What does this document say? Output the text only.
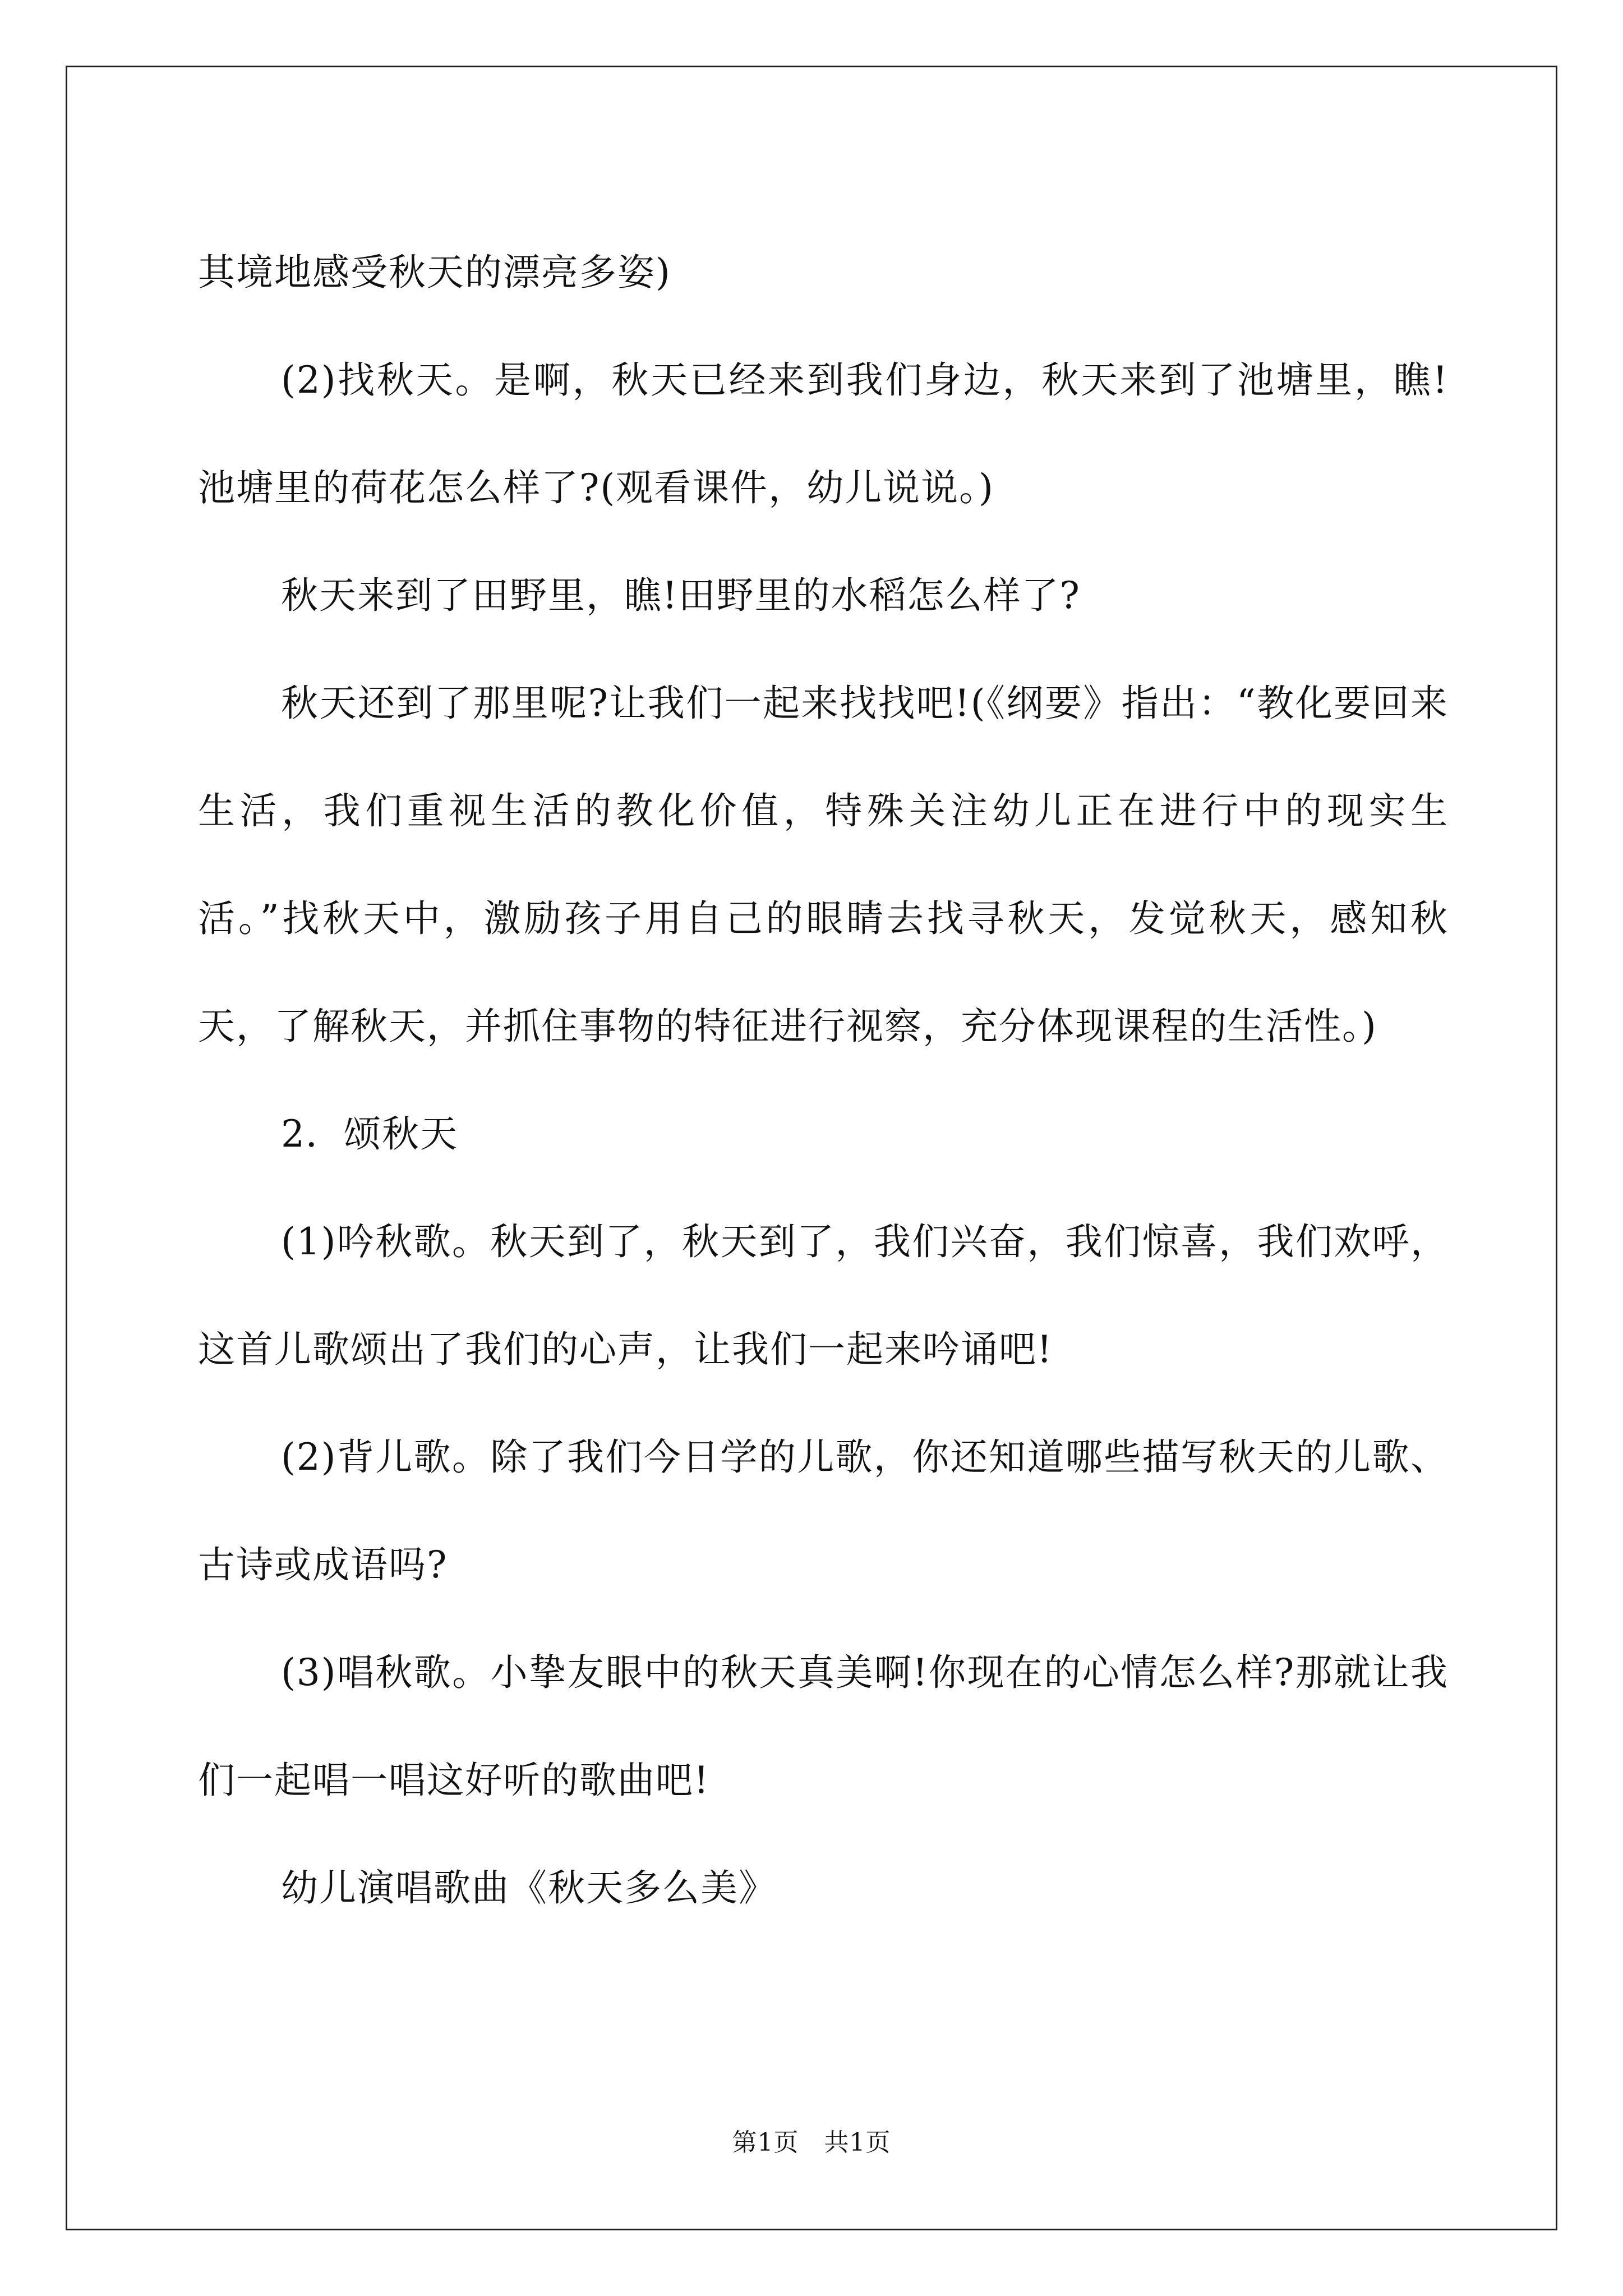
其境地感受秋天的漂亮多姿)

(2)找秋天。是啊，秋天已经来到我们身边，秋天来到了池塘里，瞧!池塘里的荷花怎么样了?(观看课件，幼儿说说。)

秋天来到了田野里，瞧!田野里的水稻怎么样了?

秋天还到了那里呢?让我们一起来找找吧!(《纲要》指出：“教化要回来生活，我们重视生活的教化价值，特殊关注幼儿正在进行中的现实生活。”找秋天中，激励孩子用自己的眼睛去找寻秋天，发觉秋天，感知秋天，了解秋天，并抓住事物的特征进行视察，充分体现课程的生活性。)

2．颂秋天

(1)吟秋歌。秋天到了，秋天到了，我们兴奋，我们惊喜，我们欢呼，这首儿歌颂出了我们的心声，让我们一起来吟诵吧!

(2)背儿歌。除了我们今日学的儿歌，你还知道哪些描写秋天的儿歌、古诗或成语吗?

(3)唱秋歌。小挚友眼中的秋天真美啊!你现在的心情怎么样?那就让我们一起唱一唱这好听的歌曲吧!

幼儿演唱歌曲《秋天多么美》

第1页　共1页
